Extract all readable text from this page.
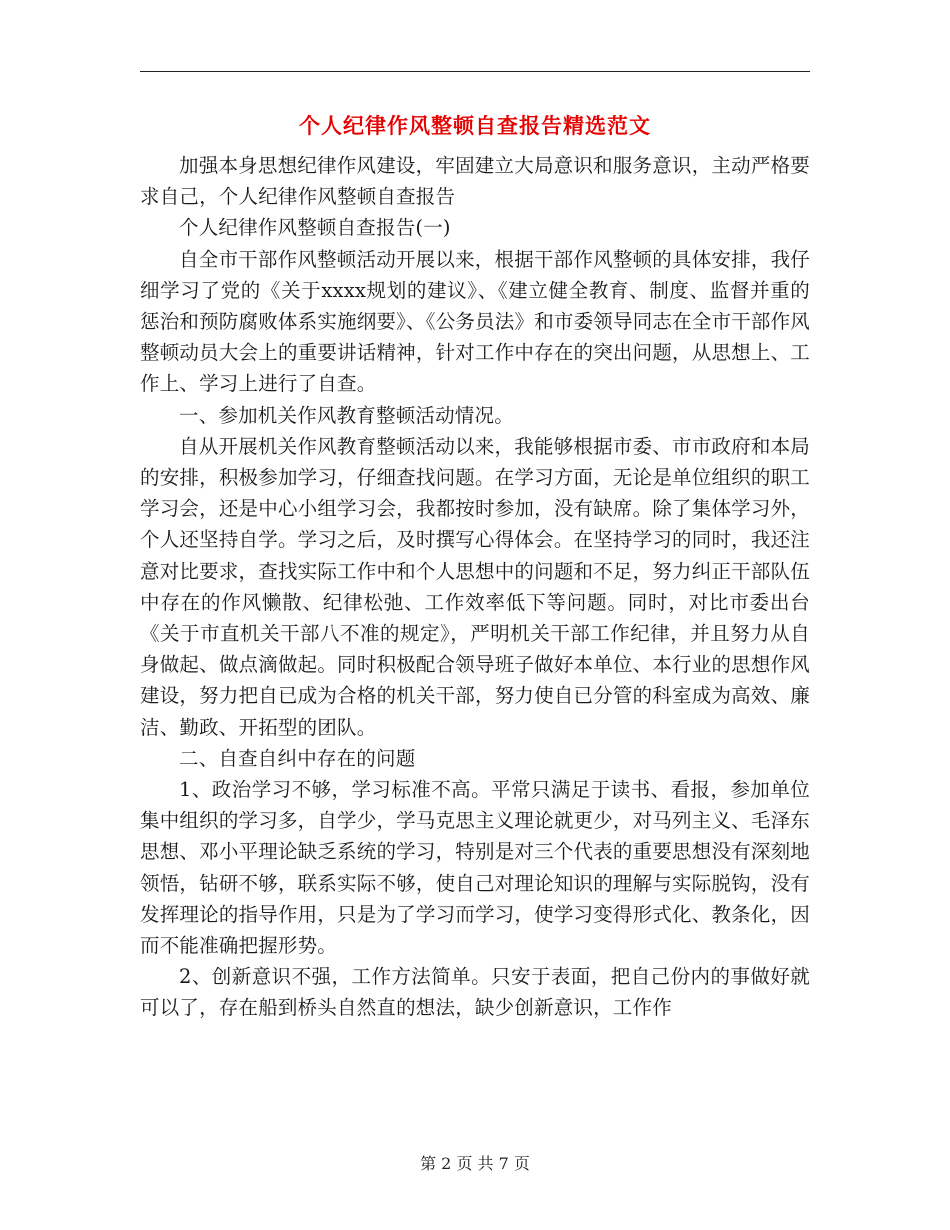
个人纪律作风整顿自查报告精选范文

加强本身思想纪律作风建设，牢固建立大局意识和服务意识，主动严格要求自己，个人纪律作风整顿自查报告

个人纪律作风整顿自查报告(一)

自全市干部作风整顿活动开展以来，根据干部作风整顿的具体安排，我仔细学习了党的《关于xxxx规划的建议》、《建立健全教育、制度、监督并重的惩治和预防腐败体系实施纲要》、《公务员法》和市委领导同志在全市干部作风整顿动员大会上的重要讲话精神，针对工作中存在的突出问题，从思想上、工作上、学习上进行了自查。

一、参加机关作风教育整顿活动情况。

自从开展机关作风教育整顿活动以来，我能够根据市委、市市政府和本局的安排，积极参加学习，仔细查找问题。在学习方面，无论是单位组织的职工学习会，还是中心小组学习会，我都按时参加，没有缺席。除了集体学习外，个人还坚持自学。学习之后，及时撰写心得体会。在坚持学习的同时，我还注意对比要求，查找实际工作中和个人思想中的问题和不足，努力纠正干部队伍中存在的作风懒散、纪律松弛、工作效率低下等问题。同时，对比市委出台《关于市直机关干部八不准的规定》，严明机关干部工作纪律，并且努力从自身做起、做点滴做起。同时积极配合领导班子做好本单位、本行业的思想作风建设，努力把自已成为合格的机关干部，努力使自已分管的科室成为高效、廉洁、勤政、开拓型的团队。

二、自查自纠中存在的问题

1、政治学习不够，学习标准不高。平常只满足于读书、看报，参加单位集中组织的学习多，自学少，学马克思主义理论就更少，对马列主义、毛泽东思想、邓小平理论缺乏系统的学习，特别是对三个代表的重要思想没有深刻地领悟，钻研不够，联系实际不够，使自己对理论知识的理解与实际脱钩，没有发挥理论的指导作用，只是为了学习而学习，使学习变得形式化、教条化，因而不能准确把握形势。

2、创新意识不强，工作方法简单。只安于表面，把自己份内的事做好就可以了，存在船到桥头自然直的想法，缺少创新意识，工作作

第 2 页 共 7 页
